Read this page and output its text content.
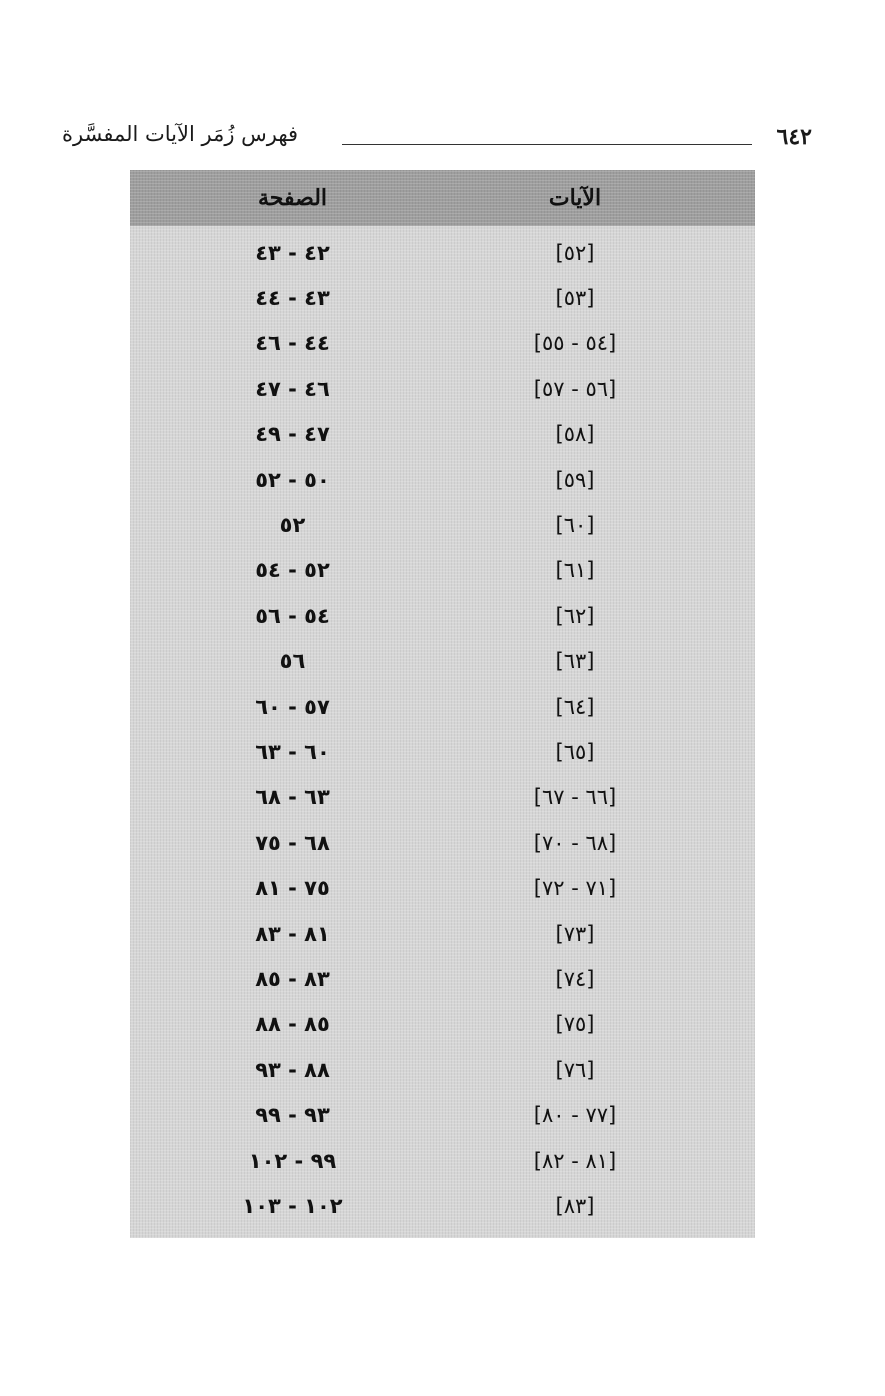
٦٤٢
فهرس زُمَر الآيات المفسَّرة
الآيات
الصفحة
[٥٢]
٤٢ - ٤٣
[٥٣]
٤٣ - ٤٤
[٥٤ - ٥٥]
٤٤ - ٤٦
[٥٦ - ٥٧]
٤٦ - ٤٧
[٥٨]
٤٧ - ٤٩
[٥٩]
٥٠ - ٥٢
[٦٠]
٥٢
[٦١]
٥٢ - ٥٤
[٦٢]
٥٤ - ٥٦
[٦٣]
٥٦
[٦٤]
٥٧ - ٦٠
[٦٥]
٦٠ - ٦٣
[٦٦ - ٦٧]
٦٣ - ٦٨
[٦٨ - ٧٠]
٦٨ - ٧٥
[٧١ - ٧٢]
٧٥ - ٨١
[٧٣]
٨١ - ٨٣
[٧٤]
٨٣ - ٨٥
[٧٥]
٨٥ - ٨٨
[٧٦]
٨٨ - ٩٣
[٧٧ - ٨٠]
٩٣ - ٩٩
[٨١ - ٨٢]
٩٩ - ١٠٢
[٨٣]
١٠٢ - ١٠٣
